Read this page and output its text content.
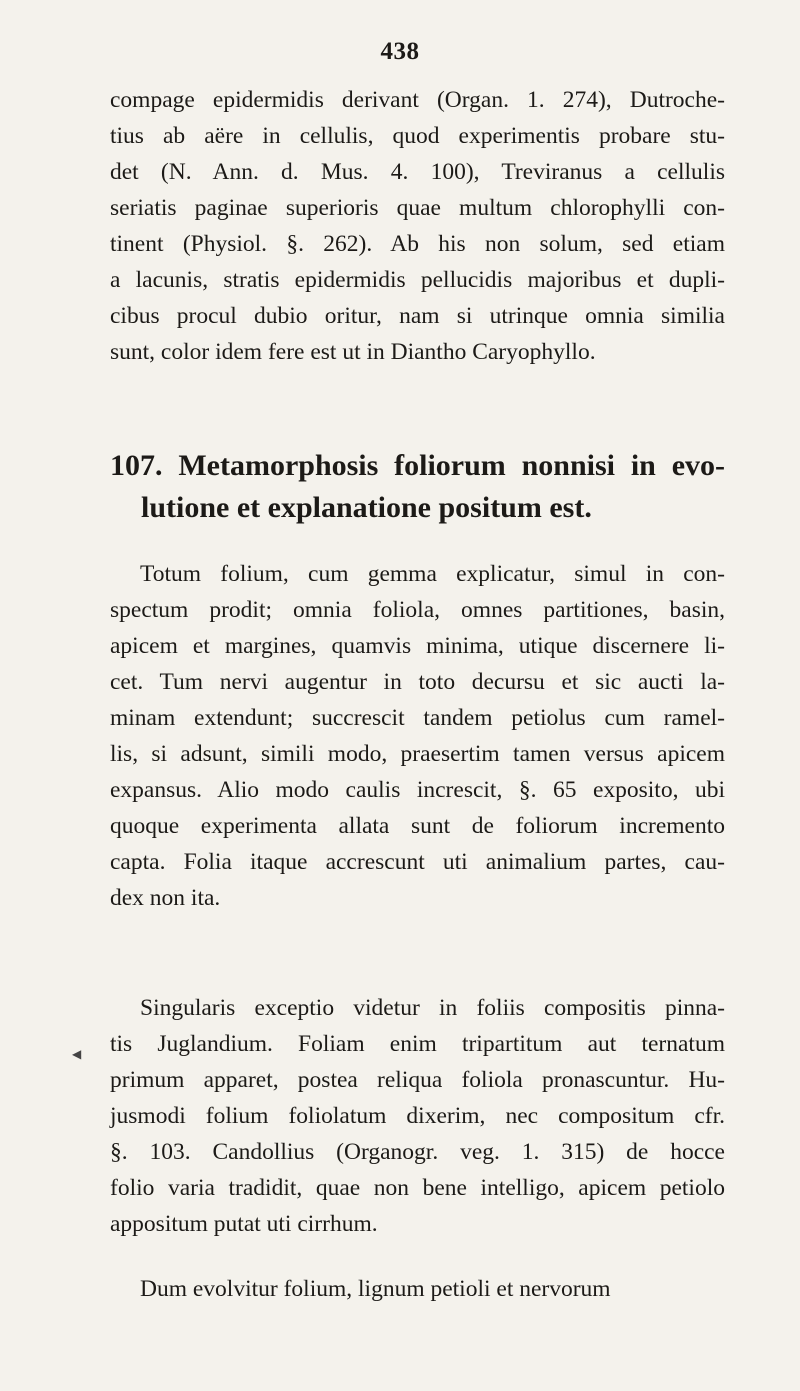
438
compage epidermidis derivant (Organ. 1. 274), Dutroche-
tius ab aëre in cellulis, quod experimentis probare stu-
det (N. Ann. d. Mus. 4. 100), Treviranus a cellulis
seriatis paginae superioris quae multum chlorophylli con-
tinent (Physiol. §. 262). Ab his non solum, sed etiam
a lacunis, stratis epidermidis pellucidis majoribus et dupli-
cibus procul dubio oritur, nam si utrinque omnia similia
sunt, color idem fere est ut in Diantho Caryophyllo.
107. Metamorphosis foliorum nonnisi in evo-
lutione et explanatione positum est.
Totum folium, cum gemma explicatur, simul in con-
spectum prodit; omnia foliola, omnes partitiones, basin,
apicem et margines, quamvis minima, utique discernere li-
cet. Tum nervi augentur in toto decursu et sic aucti la-
minam extendunt; succrescit tandem petiolus cum ramel-
lis, si adsunt, simili modo, praesertim tamen versus apicem
expansus. Alio modo caulis increscit, §. 65 exposito, ubi
quoque experimenta allata sunt de foliorum incremento
capta. Folia itaque accrescunt uti animalium partes, cau-
dex non ita.
Singularis exceptio videtur in foliis compositis pinna-
tis Juglandium. Foliam enim tripartitum aut ternatum
primum apparet, postea reliqua foliola pronascuntur. Hu-
jusmodi folium foliolatum dixerim, nec compositum cfr.
§. 103. Candollius (Organogr. veg. 1. 315) de hocce
folio varia tradidit, quae non bene intelligo, apicem petiolo
appositum putat uti cirrhum.
Dum evolvitur folium, lignum petioli et nervorum
◀
